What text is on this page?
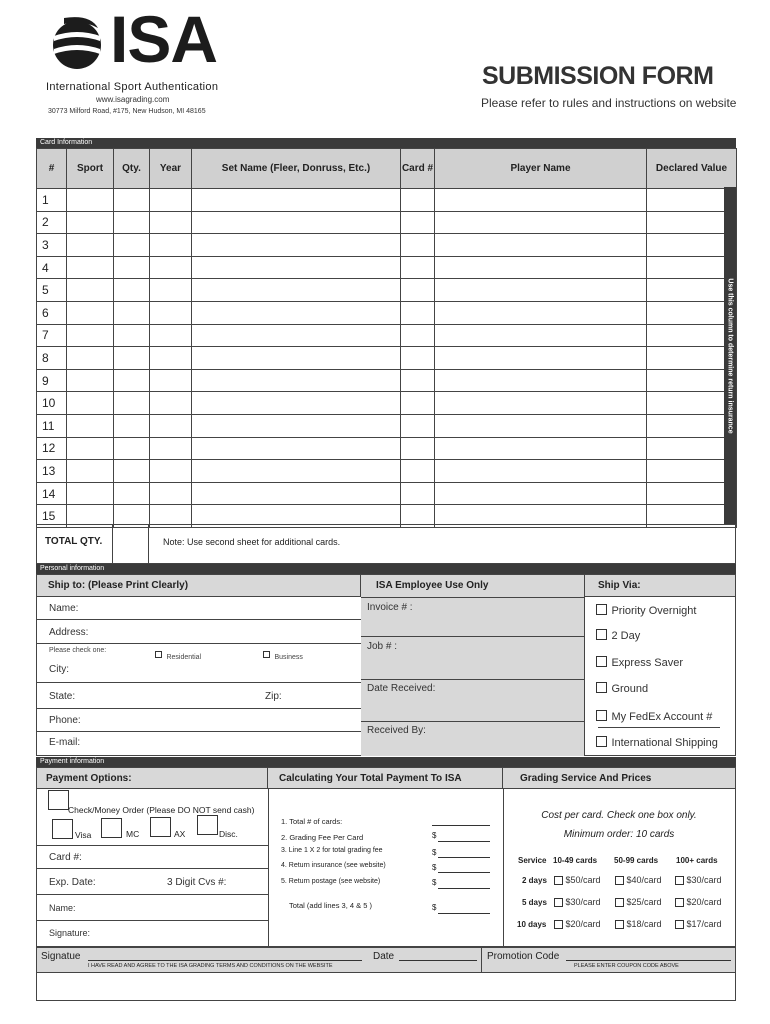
ISA
International Sport Authentication
www.isagrading.com
30773 Milford Road, #175, New Hudson, MI 48165
SUBMISSION FORM
Please refer to rules and instructions on website
Card Information
#	Sport	Qty.	Year	Set Name (Fleer, Donruss, Etc.)	Card #	Player Name	Declared Value
1							
2							
3							
4							
5							
6							
7							
8							
9							
10							
11							
12							
13							
14							
15							
Use this column to determine return insurance
TOTAL QTY.	Note: Use second sheet for additional cards.
Personal information
Ship to: (Please Print Clearly)	ISA Employee Use Only	Ship Via:
Name:
Address:
Please check one:
Residential	Business
City:
State:	Zip:
Phone:
E-mail:
Invoice # :
Job # :
Date Received:
Received By:
Priority Overnight
2 Day
Express Saver
Ground
My FedEx Account #
International Shipping
Payment information
Payment Options:	Calculating Your Total Payment To ISA	Grading Service And Prices
Check/Money Order (Please DO NOT send cash)
Visa	MC	AX	Disc.
Card #:
Exp. Date:	3 Digit Cvs #:
Name:
Signature:
1. Total # of cards:
2. Grading Fee Per Card	$
3. Line 1 X 2 for total grading fee	$
4. Return insurance (see website)	$
5. Return postage (see website)	$
Total (add lines 3, 4 & 5 )	$
Cost per card. Check one box only.
Minimum order: 10 cards
Service 10-49 cards 50-99 cards 100+ cards
2 days	$50/card	$40/card	$30/card
5 days	$30/card	$25/card	$20/card
10 days	$20/card	$18/card	$17/card
Signatue	Date
I HAVE READ AND AGREE TO THE ISA GRADING TERMS AND CONDITIONS ON THE WEBSITE
Promotion Code
PLEASE ENTER COUPON CODE ABOVE
